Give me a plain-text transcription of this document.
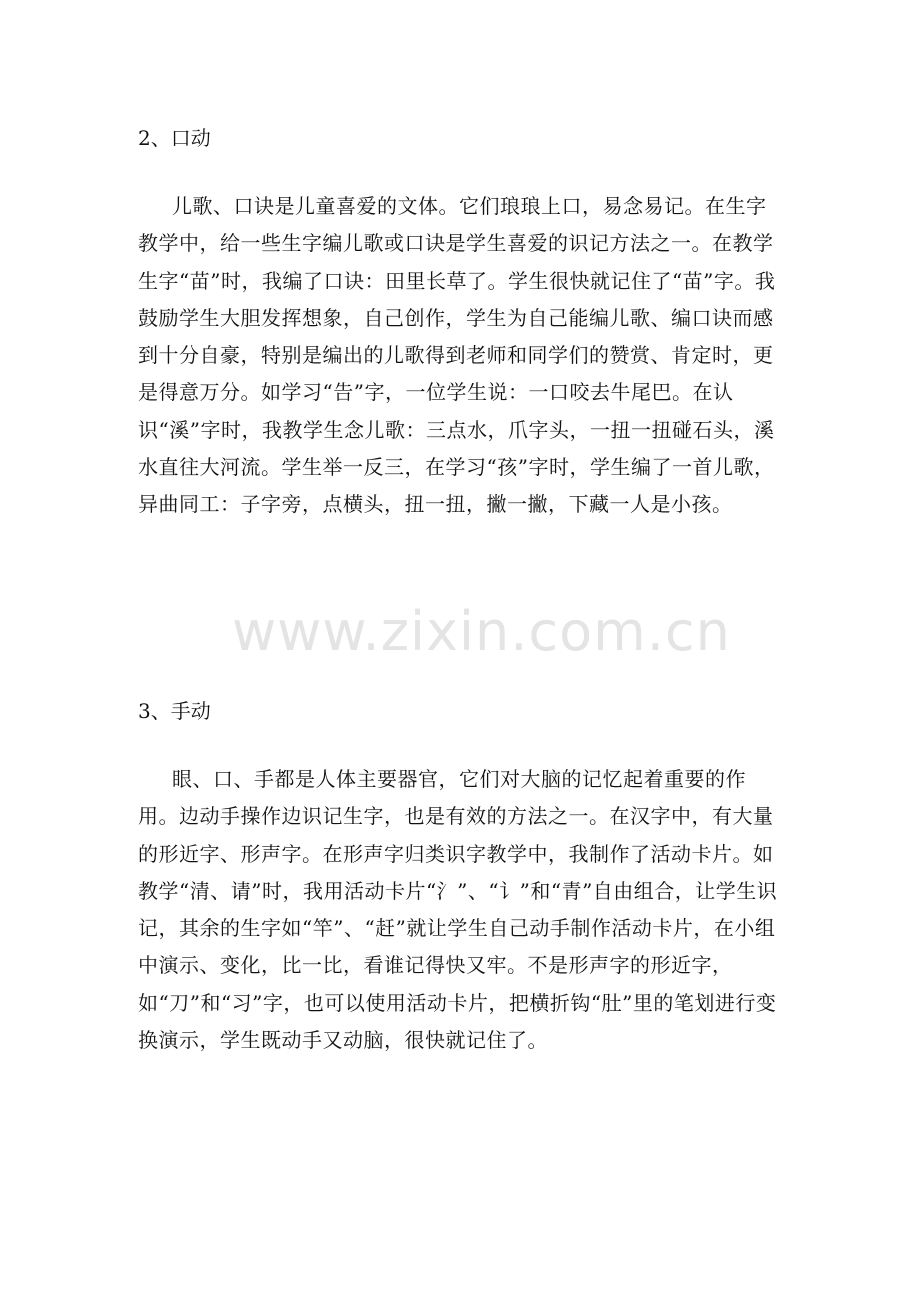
2、口动

儿歌、口诀是儿童喜爱的文体。它们琅琅上口，易念易记。在生字教学中，给一些生字编儿歌或口诀是学生喜爱的识记方法之一。在教学生字“苗”时，我编了口诀：田里长草了。学生很快就记住了“苗”字。我鼓励学生大胆发挥想象，自己创作，学生为自己能编儿歌、编口诀而感到十分自豪，特别是编出的儿歌得到老师和同学们的赞赏、肯定时，更是得意万分。如学习“告”字，一位学生说：一口咬去牛尾巴。在认识“溪”字时，我教学生念儿歌：三点水，爪字头，一扭一扭碰石头，溪水直往大河流。学生举一反三，在学习“孩”字时，学生编了一首儿歌，异曲同工：子字旁，点横头，扭一扭，撇一撇，下藏一人是小孩。

3、手动

眼、口、手都是人体主要器官，它们对大脑的记忆起着重要的作用。边动手操作边识记生字，也是有效的方法之一。在汉字中，有大量的形近字、形声字。在形声字归类识字教学中，我制作了活动卡片。如教学“清、请”时，我用活动卡片“氵”、“讠”和“青”自由组合，让学生识记，其余的生字如“竿”、“赶”就让学生自己动手制作活动卡片，在小组中演示、变化，比一比，看谁记得快又牢。不是形声字的形近字，如“刀”和“习”字，也可以使用活动卡片，把横折钩“肚”里的笔划进行变换演示，学生既动手又动脑，很快就记住了。

www.zixin.com.cn
